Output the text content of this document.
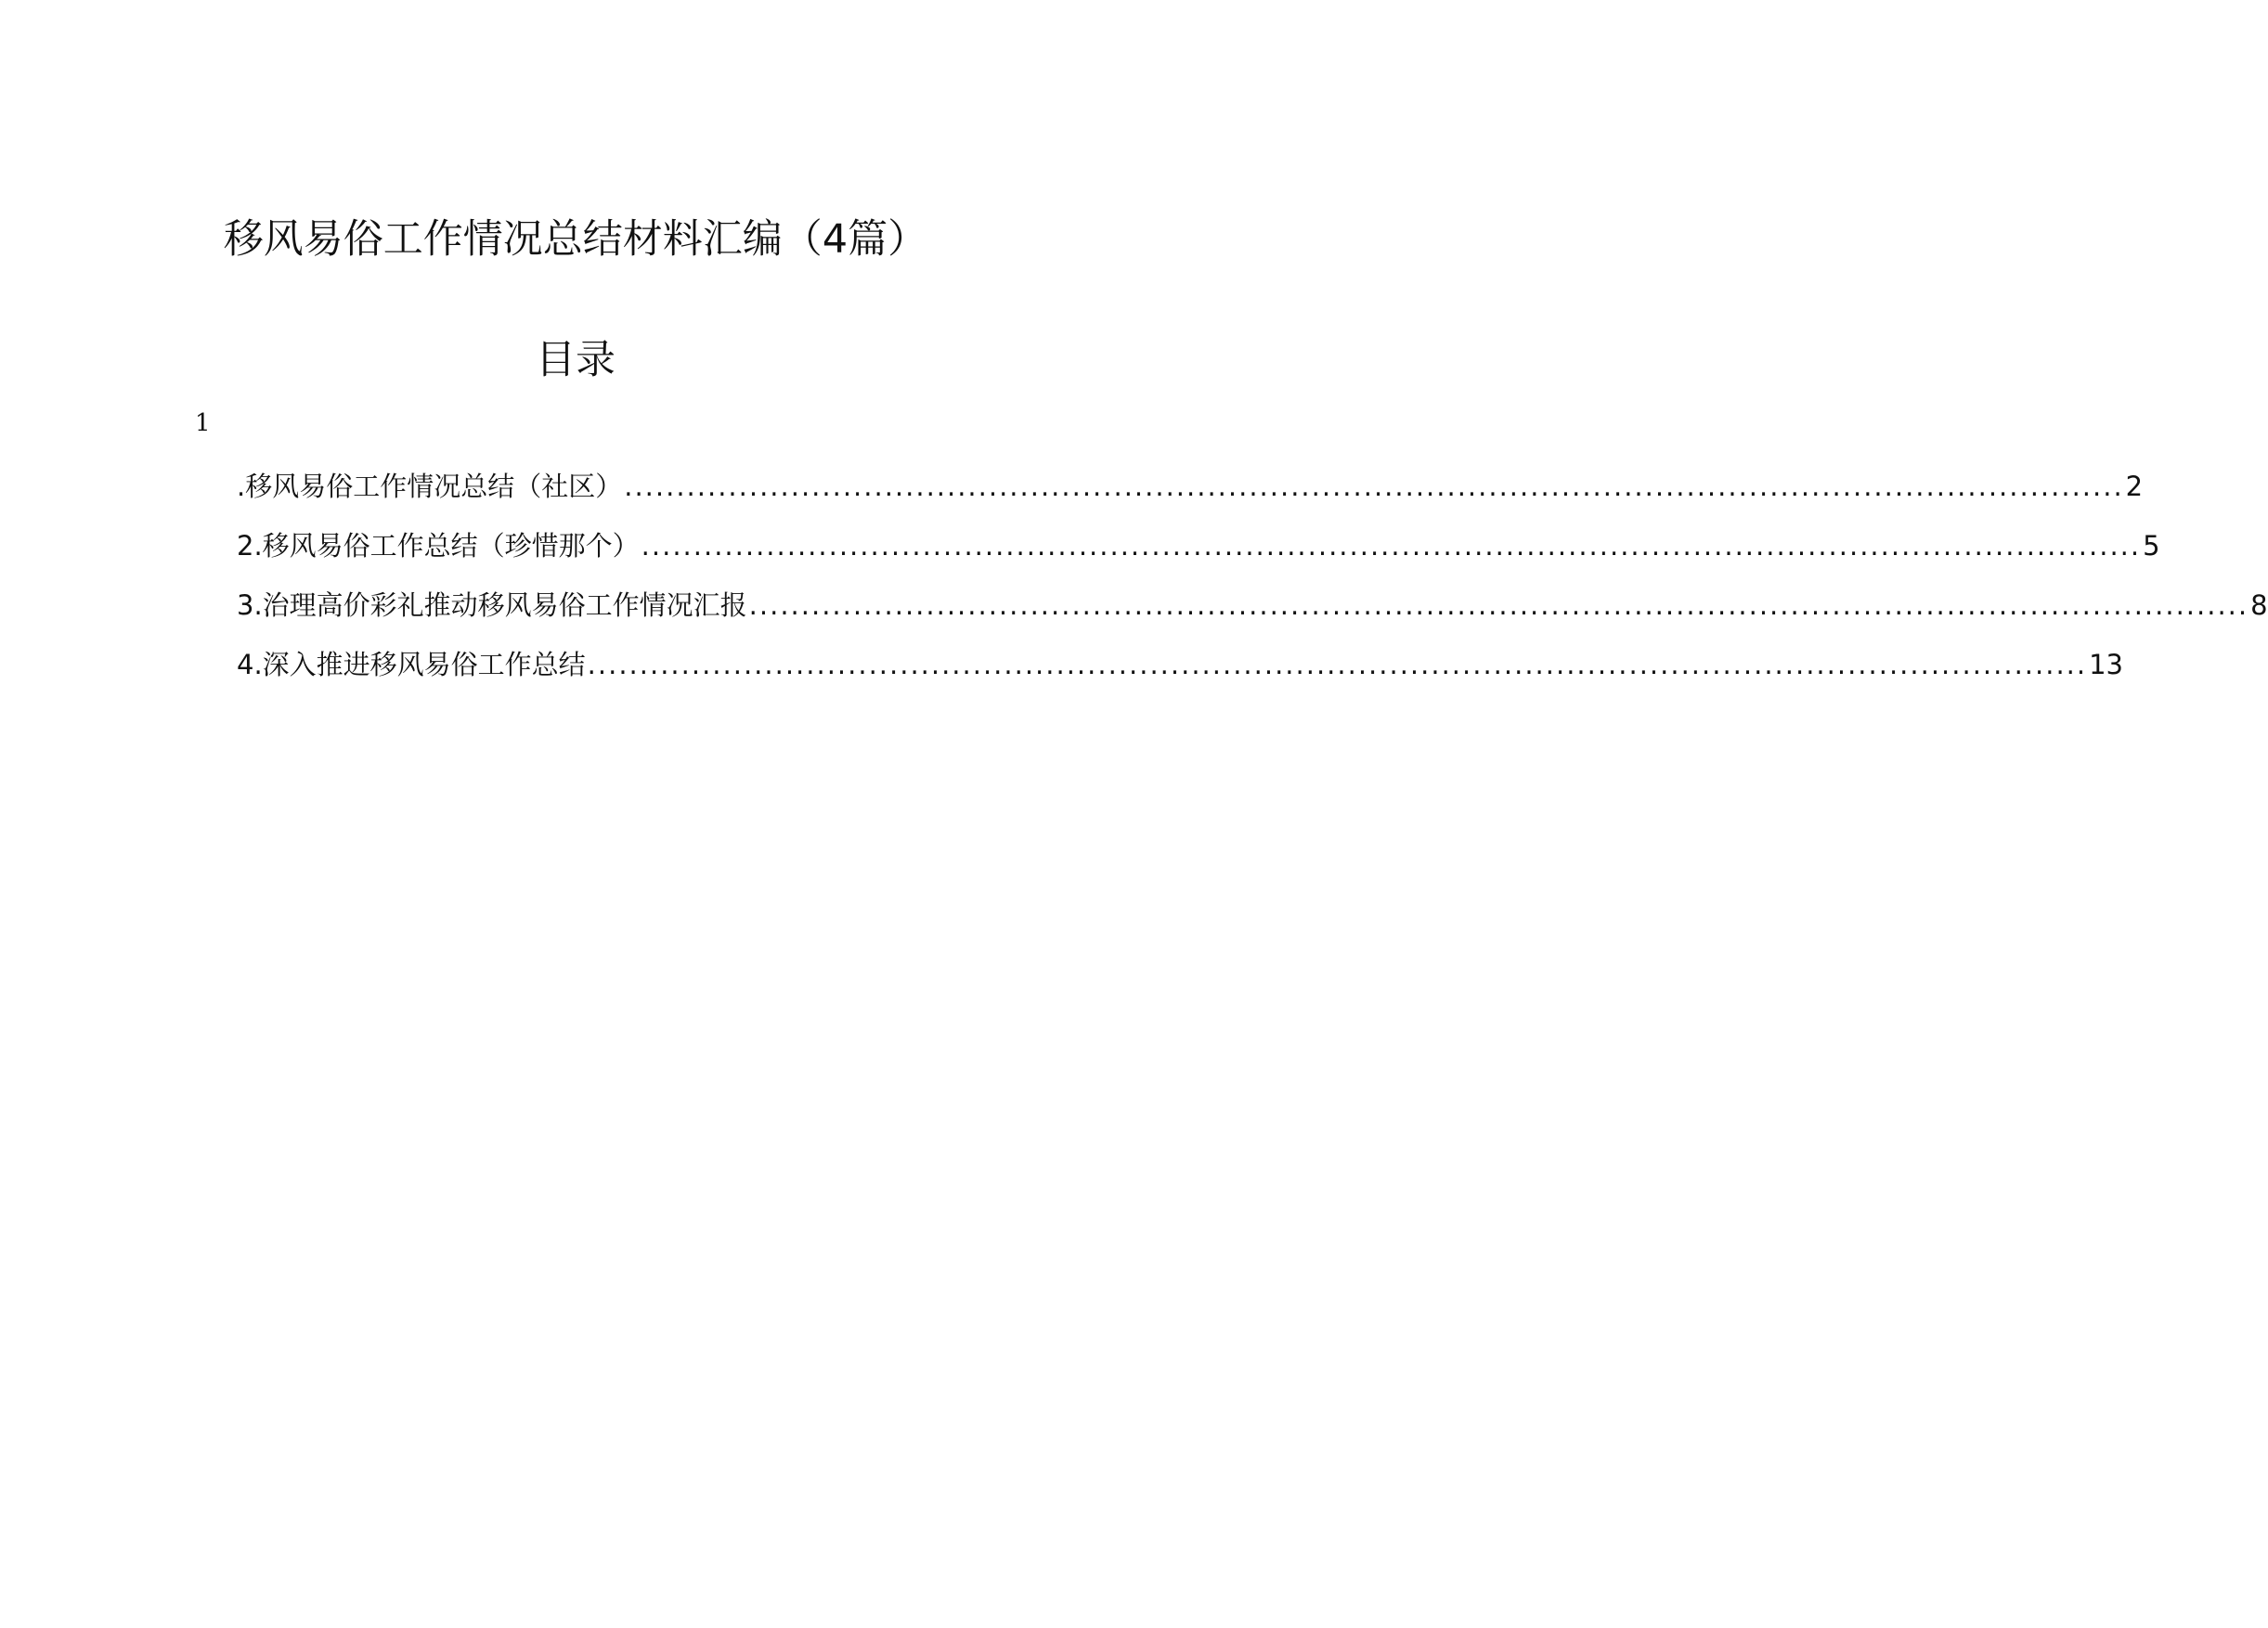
移风易俗工作情况总结材料汇编（4篇）
目录
1
.移风易俗工作情况总结（社区） ................................................................................................................................................ 2
2.移风易俗工作总结（珍惜那个） ................................................................................................................................................ 5
3.治理高价彩礼推动移风易俗工作情况汇报 ................................................................................................................................................ 8
4.深入推进移风易俗工作总结 ................................................................................................................................................ 13
